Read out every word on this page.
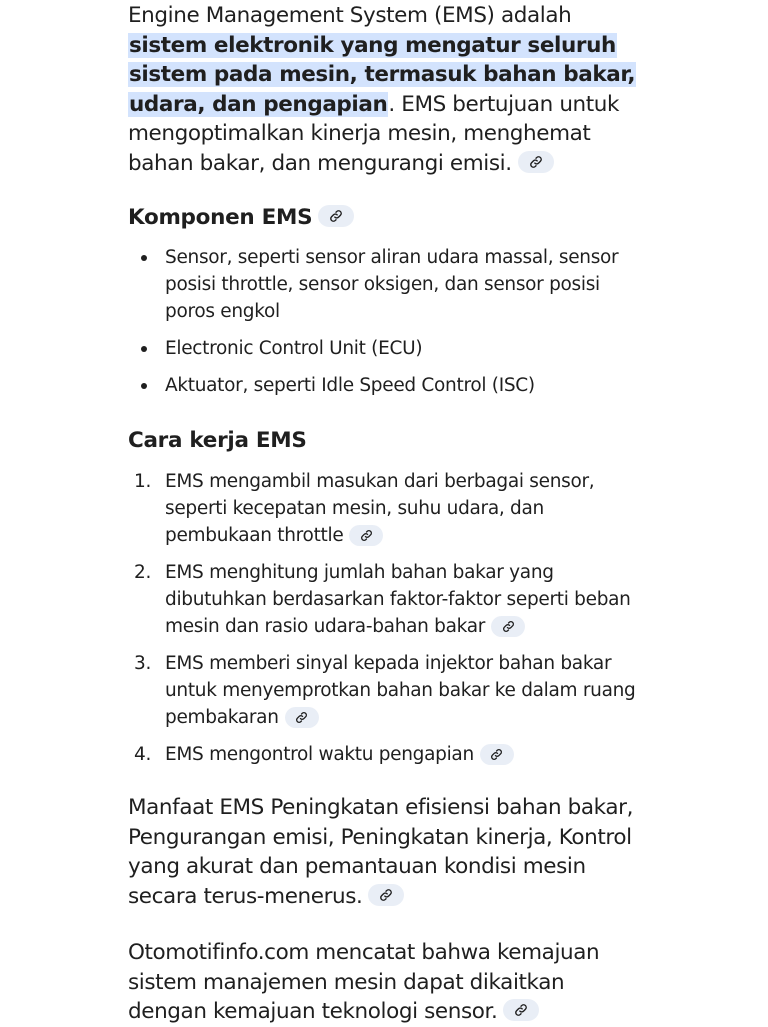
Engine Management System (EMS) adalah sistem elektronik yang mengatur seluruh sistem pada mesin, termasuk bahan bakar, udara, dan pengapian. EMS bertujuan untuk mengoptimalkan kinerja mesin, menghemat bahan bakar, dan mengurangi emisi.

Komponen EMS
Sensor, seperti sensor aliran udara massal, sensor posisi throttle, sensor oksigen, dan sensor posisi poros engkol
Electronic Control Unit (ECU)
Aktuator, seperti Idle Speed Control (ISC)
Cara kerja EMS
1. EMS mengambil masukan dari berbagai sensor, seperti kecepatan mesin, suhu udara, dan pembukaan throttle
2. EMS menghitung jumlah bahan bakar yang dibutuhkan berdasarkan faktor-faktor seperti beban mesin dan rasio udara-bahan bakar
3. EMS memberi sinyal kepada injektor bahan bakar untuk menyemprotkan bahan bakar ke dalam ruang pembakaran
4. EMS mengontrol waktu pengapian

Manfaat EMS Peningkatan efisiensi bahan bakar, Pengurangan emisi, Peningkatan kinerja, Kontrol yang akurat dan pemantauan kondisi mesin secara terus-menerus.

Otomotifinfo.com mencatat bahwa kemajuan sistem manajemen mesin dapat dikaitkan dengan kemajuan teknologi sensor.
